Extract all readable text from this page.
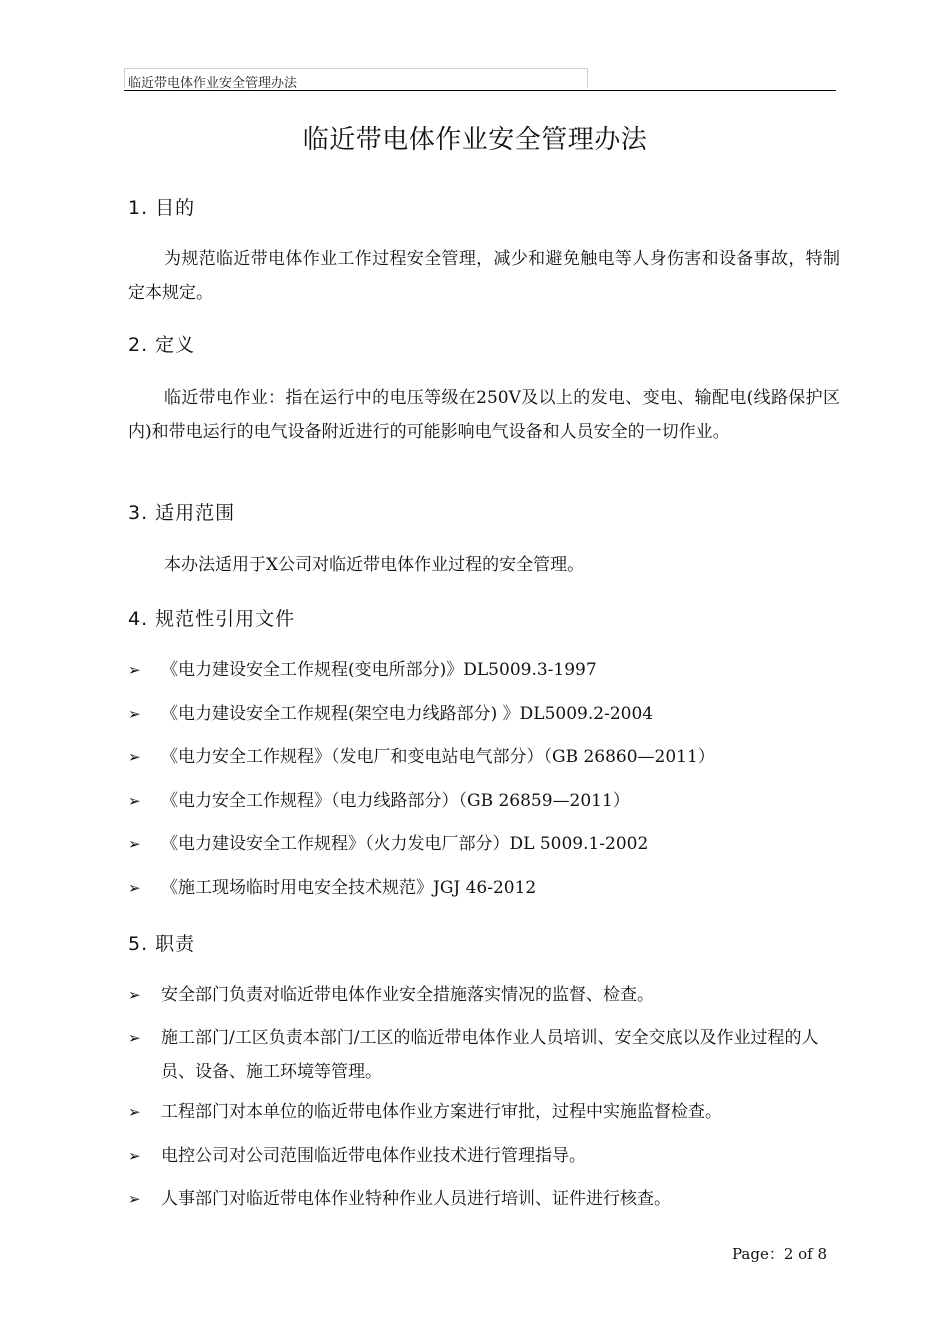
临近带电体作业安全管理办法
临近带电体作业安全管理办法
1. 目的
为规范临近带电体作业工作过程安全管理，减少和避免触电等人身伤害和设备事故，特制定本规定。
2. 定义
临近带电作业：指在运行中的电压等级在250V及以上的发电、变电、输配电(线路保护区内)和带电运行的电气设备附近进行的可能影响电气设备和人员安全的一切作业。
3. 适用范围
本办法适用于X公司对临近带电体作业过程的安全管理。
4. 规范性引用文件
➢	《电力建设安全工作规程(变电所部分)》DL5009.3-1997
➢	《电力建设安全工作规程(架空电力线路部分) 》DL5009.2-2004
➢	《电力安全工作规程》（发电厂和变电站电气部分）（GB 26860—2011）
➢	《电力安全工作规程》（电力线路部分）（GB 26859—2011）
➢	《电力建设安全工作规程》（火力发电厂部分）DL 5009.1-2002
➢	《施工现场临时用电安全技术规范》JGJ 46-2012
5. 职责
➢	安全部门负责对临近带电体作业安全措施落实情况的监督、检查。
➢	施工部门/工区负责本部门/工区的临近带电体作业人员培训、安全交底以及作业过程的人员、设备、施工环境等管理。
➢	工程部门对本单位的临近带电体作业方案进行审批，过程中实施监督检查。
➢	电控公司对公司范围临近带电体作业技术进行管理指导。
➢	人事部门对临近带电体作业特种作业人员进行培训、证件进行核查。
Page：2 of 8
